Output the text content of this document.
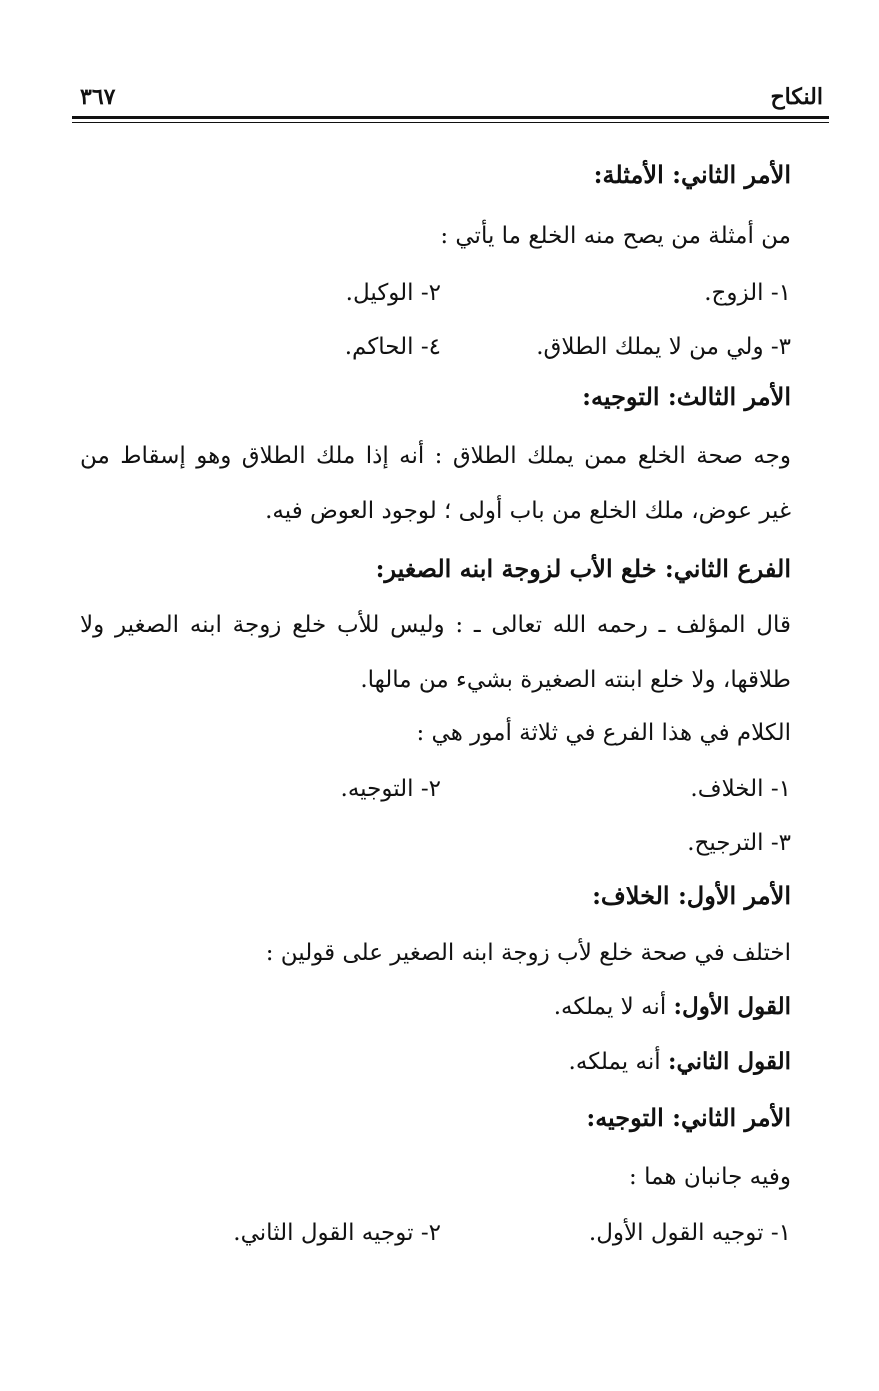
النكاح
٣٦٧
الأمر الثاني: الأمثلة:
من أمثلة من يصح منه الخلع ما يأتي :
١- الزوج.
٢- الوكيل.
٣- ولي من لا يملك الطلاق.
٤- الحاكم.
الأمر الثالث: التوجيه:
وجه صحة الخلع ممن يملك الطلاق : أنه إذا ملك الطلاق وهو إسقاط من
غير عوض، ملك الخلع من باب أولى ؛ لوجود العوض فيه.
الفرع الثاني: خلع الأب لزوجة ابنه الصغير:
قال المؤلف ـ رحمه الله تعالى ـ : وليس للأب خلع زوجة ابنه الصغير ولا
طلاقها، ولا خلع ابنته الصغيرة بشيء من مالها.
الكلام في هذا الفرع في ثلاثة أمور هي :
١- الخلاف.
٢- التوجيه.
٣- الترجيح.
الأمر الأول: الخلاف:
اختلف في صحة خلع لأب زوجة ابنه الصغير على قولين :
القول الأول: أنه لا يملكه.
القول الثاني: أنه يملكه.
الأمر الثاني: التوجيه:
وفيه جانبان هما :
١- توجيه القول الأول.
٢- توجيه القول الثاني.
